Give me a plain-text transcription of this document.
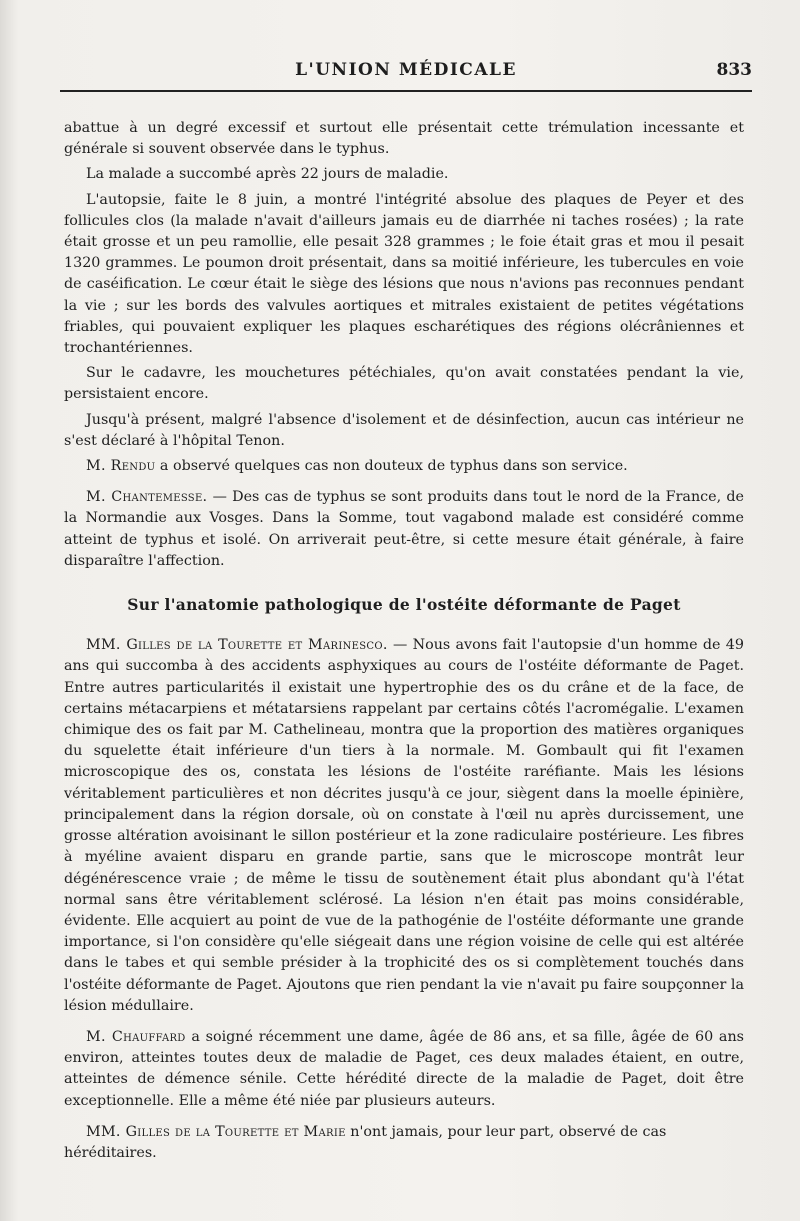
L'UNION MÉDICALE	833

abattue à un degré excessif et surtout elle présentait cette trémulation incessante et générale si souvent observée dans le typhus.

La malade a succombé après 22 jours de maladie.

L'autopsie, faite le 8 juin, a montré l'intégrité absolue des plaques de Peyer et des follicules clos (la malade n'avait d'ailleurs jamais eu de diarrhée ni taches rosées) ; la rate était grosse et un peu ramollie, elle pesait 328 grammes ; le foie était gras et mou il pesait 1320 grammes. Le poumon droit présentait, dans sa moitié inférieure, les tubercules en voie de caséification. Le cœur était le siège des lésions que nous n'avions pas reconnues pendant la vie ; sur les bords des valvules aortiques et mitrales existaient de petites végétations friables, qui pouvaient expliquer les plaques escharétiques des régions olécrâniennes et trochantériennes.

Sur le cadavre, les mouchetures pétéchiales, qu'on avait constatées pendant la vie, persistaient encore.

Jusqu'à présent, malgré l'absence d'isolement et de désinfection, aucun cas intérieur ne s'est déclaré à l'hôpital Tenon.

M. Rendu a observé quelques cas non douteux de typhus dans son service.

M. Chantemesse. — Des cas de typhus se sont produits dans tout le nord de la France, de la Normandie aux Vosges. Dans la Somme, tout vagabond malade est considéré comme atteint de typhus et isolé. On arriverait peut-être, si cette mesure était générale, à faire disparaître l'affection.

Sur l'anatomie pathologique de l'ostéite déformante de Paget

MM. Gilles de la Tourette et Marinesco. — Nous avons fait l'autopsie d'un homme de 49 ans qui succomba à des accidents asphyxiques au cours de l'ostéite déformante de Paget. Entre autres particularités il existait une hypertrophie des os du crâne et de la face, de certains métacarpiens et métatarsiens rappelant par certains côtés l'acromégalie. L'examen chimique des os fait par M. Cathelineau, montra que la proportion des matières organiques du squelette était inférieure d'un tiers à la normale. M. Gombault qui fit l'examen microscopique des os, constata les lésions de l'ostéite raréfiante. Mais les lésions véritablement particulières et non décrites jusqu'à ce jour, siègent dans la moelle épinière, principalement dans la région dorsale, où on constate à l'œil nu après durcissement, une grosse altération avoisinant le sillon postérieur et la zone radiculaire postérieure. Les fibres à myéline avaient disparu en grande partie, sans que le microscope montrât leur dégénérescence vraie ; de même le tissu de soutènement était plus abondant qu'à l'état normal sans être véritablement sclérosé. La lésion n'en était pas moins considérable, évidente. Elle acquiert au point de vue de la pathogénie de l'ostéite déformante une grande importance, si l'on considère qu'elle siégeait dans une région voisine de celle qui est altérée dans le tabes et qui semble présider à la trophicité des os si complètement touchés dans l'ostéite déformante de Paget. Ajoutons que rien pendant la vie n'avait pu faire soupçonner la lésion médullaire.

M. Chauffard a soigné récemment une dame, âgée de 86 ans, et sa fille, âgée de 60 ans environ, atteintes toutes deux de maladie de Paget, ces deux malades étaient, en outre, atteintes de démence sénile. Cette hérédité directe de la maladie de Paget, doit être exceptionnelle. Elle a même été niée par plusieurs auteurs.

MM. Gilles de la Tourette et Marie n'ont jamais, pour leur part, observé de cas héréditaires.
